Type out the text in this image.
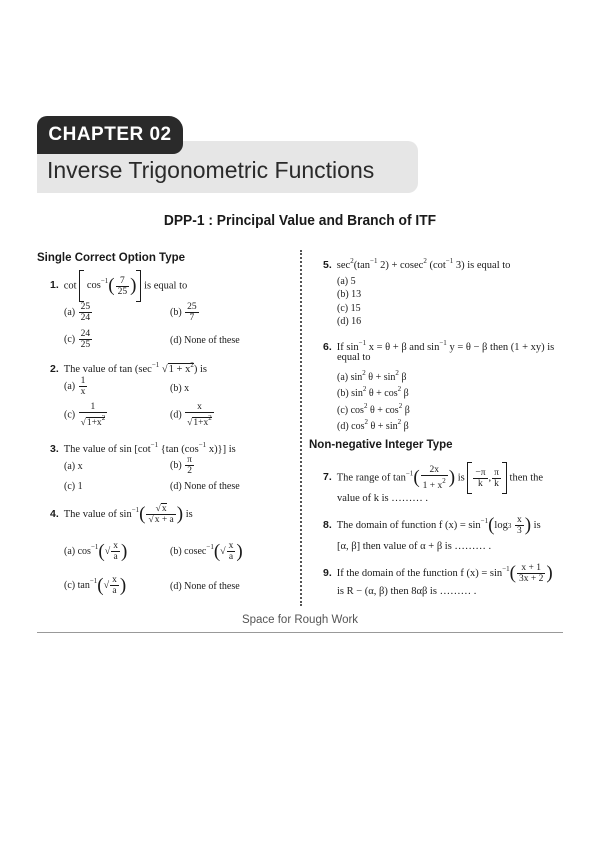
CHAPTER 02
Inverse Trigonometric Functions
DPP-1 : Principal Value and Branch of ITF
Single Correct Option Type
1. $\cot \cos^{-1}( \frac{7}{25}$ ) is equal to
$(a) \frac{25}{24}$	$(b) \frac{25}{7}$
$(c) \frac{24}{25}$	(d) None of these
2. The value of $\tan (\sec^{-1}$ $√1 + x^2$) is
$(a) \frac{1}{x}$	(b) x
$(c) \frac{1}{√1+x^2}$	$(d) \frac{x}{√1+x^2}$
3. The value of $\sin [\cot^{-1}$ {tan ($\cos^{-1}$ x)}] is
(a) x	$(b) \frac{\pi}{2}$
(c) 1	(d) None of these
4. The value of $\sin^{-1}( \frac{√x}{√x + a}$ ) is
(a) $\cos^{-1}(√ \frac{x}{a}$ )	(b) $cosec^{-1}(√ \frac{x}{a}$ )
(c) $\tan^{-1}(√ \frac{x}{a}$ )	(d) None of these
5. $\sec^2(\tan^{-1}$ 2) + cosec$^2$ ($\cot^{-1}$ 3) is equal to
(a) 5
(b) 13
(c) 15
(d) 16
6. If $\sin^{-1} x = \theta + \beta$ and $\sin^{-1} y = \theta - \beta$ then (1 + xy) is
equal to
(a) $\sin^2 \theta + \sin^2 \beta$
(b) $\sin^2 \theta + \cos^2 \beta$
(c) $\cos^2 \theta + \cos^2 \beta$
(d) $\cos^2 \theta + \sin^2 \beta$
Non-negative Integer Type
7. The range of $\tan^{-1}( \frac{2x}{1 + x^2}$ ) is $\frac{-\pi}{k}$ , $\frac{\pi}{k}$ then the
value of k is ……… .
8. The domain of function f $(x) = \sin^{-1}(\log 3 \frac{x}{3}$ ) is
[α, β] then value of α + β is ……… .
9. If the domain of the function f $(x) = \sin^{-1}( \frac{x + 1}{3x + 2}$ )
is R − (α, β) then 8αβ is ……… .
Space for Rough Work
